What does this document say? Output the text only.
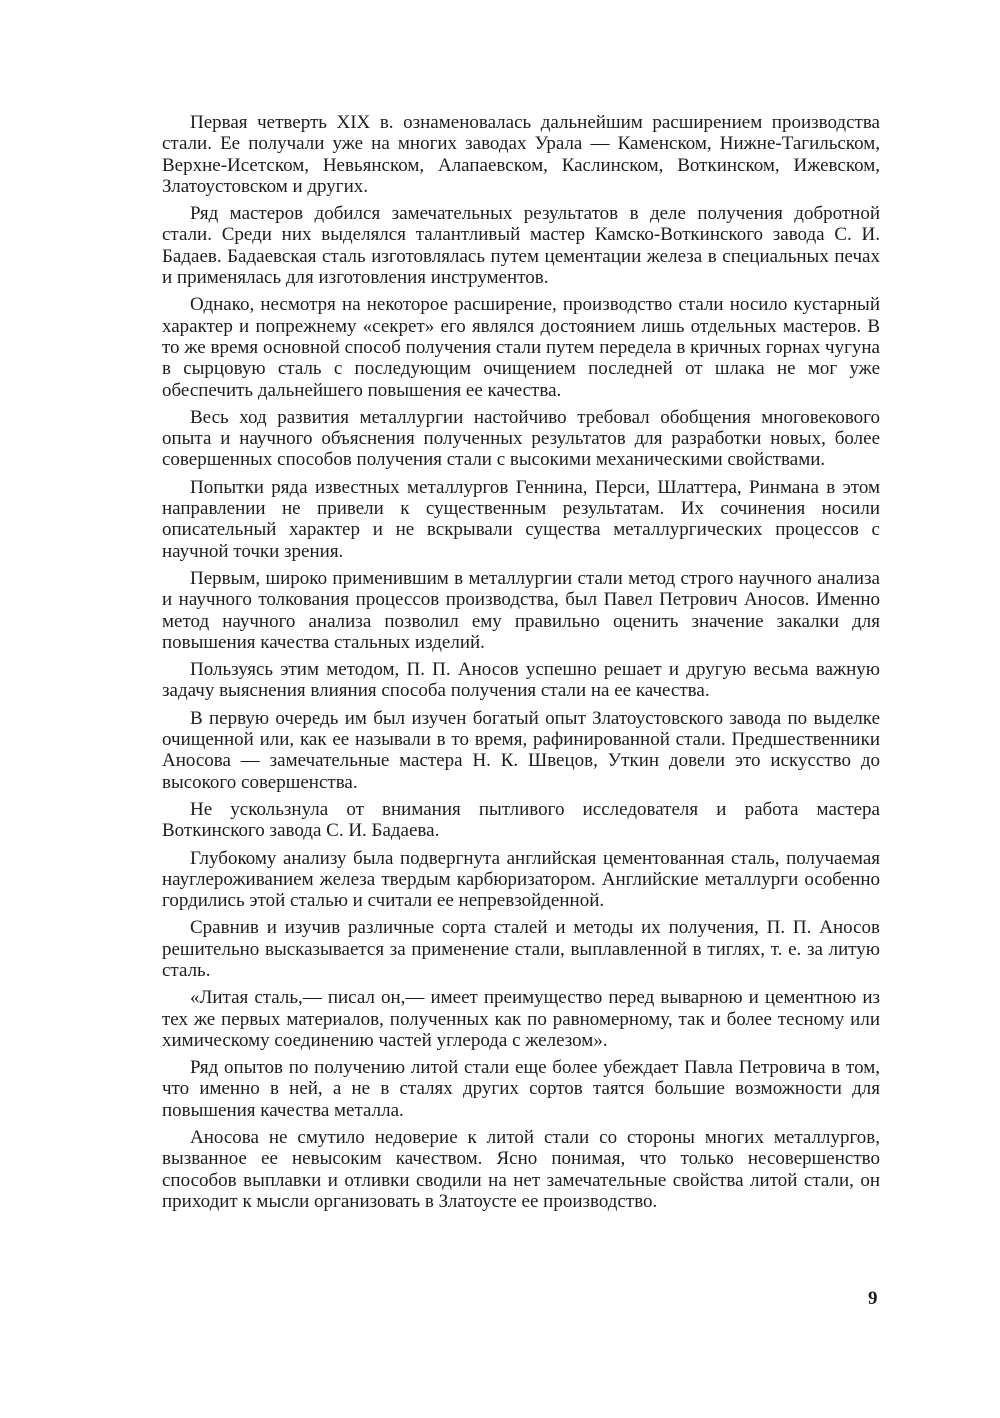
Первая четверть XIX в. ознаменовалась дальнейшим расширением производства стали. Ее получали уже на многих заводах Урала — Каменском, Нижне-Тагильском, Верхне-Исетском, Невьянском, Алапаевском, Каслинском, Воткинском, Ижевском, Златоустовском и других.

Ряд мастеров добился замечательных результатов в деле получения добротной стали. Среди них выделялся талантливый мастер Камско-Воткинского завода С. И. Бадаев. Бадаевская сталь изготовлялась путем цементации железа в специальных печах и применялась для изготовления инструментов.

Однако, несмотря на некоторое расширение, производство стали носило кустарный характер и попрежнему «секрет» его являлся достоянием лишь отдельных мастеров. В то же время основной способ получения стали путем передела в кричных горнах чугуна в сырцовую сталь с последующим очищением последней от шлака не мог уже обеспечить дальнейшего повышения ее качества.

Весь ход развития металлургии настойчиво требовал обобщения многовекового опыта и научного объяснения полученных результатов для разработки новых, более совершенных способов получения стали с высокими механическими свойствами.

Попытки ряда известных металлургов Геннина, Перси, Шлаттера, Ринмана в этом направлении не привели к существенным результатам. Их сочинения носили описательный характер и не вскрывали существа металлургических процессов с научной точки зрения.

Первым, широко применившим в металлургии стали метод строго научного анализа и научного толкования процессов производства, был Павел Петрович Аносов. Именно метод научного анализа позволил ему правильно оценить значение закалки для повышения качества стальных изделий.

Пользуясь этим методом, П. П. Аносов успешно решает и другую весьма важную задачу выяснения влияния способа получения стали на ее качества.

В первую очередь им был изучен богатый опыт Златоустовского завода по выделке очищенной или, как ее называли в то время, рафинированной стали. Предшественники Аносова — замечательные мастера Н. К. Швецов, Уткин довели это искусство до высокого совершенства.

Не ускользнула от внимания пытливого исследователя и работа мастера Воткинского завода С. И. Бадаева.

Глубокому анализу была подвергнута английская цементованная сталь, получаемая науглероживанием железа твердым карбюризатором. Английские металлурги особенно гордились этой сталью и считали ее непревзойденной.

Сравнив и изучив различные сорта сталей и методы их получения, П. П. Аносов решительно высказывается за применение стали, выплавленной в тиглях, т. е. за литую сталь.

«Литая сталь,— писал он,— имеет преимущество перед выварною и цементною из тех же первых материалов, полученных как по равномерному, так и более тесному или химическому соединению частей углерода с железом».

Ряд опытов по получению литой стали еще более убеждает Павла Петровича в том, что именно в ней, а не в сталях других сортов таятся большие возможности для повышения качества металла.

Аносова не смутило недоверие к литой стали со стороны многих металлургов, вызванное ее невысоким качеством. Ясно понимая, что только несовершенство способов выплавки и отливки сводили на нет замечательные свойства литой стали, он приходит к мысли организовать в Златоусте ее производство.

9
